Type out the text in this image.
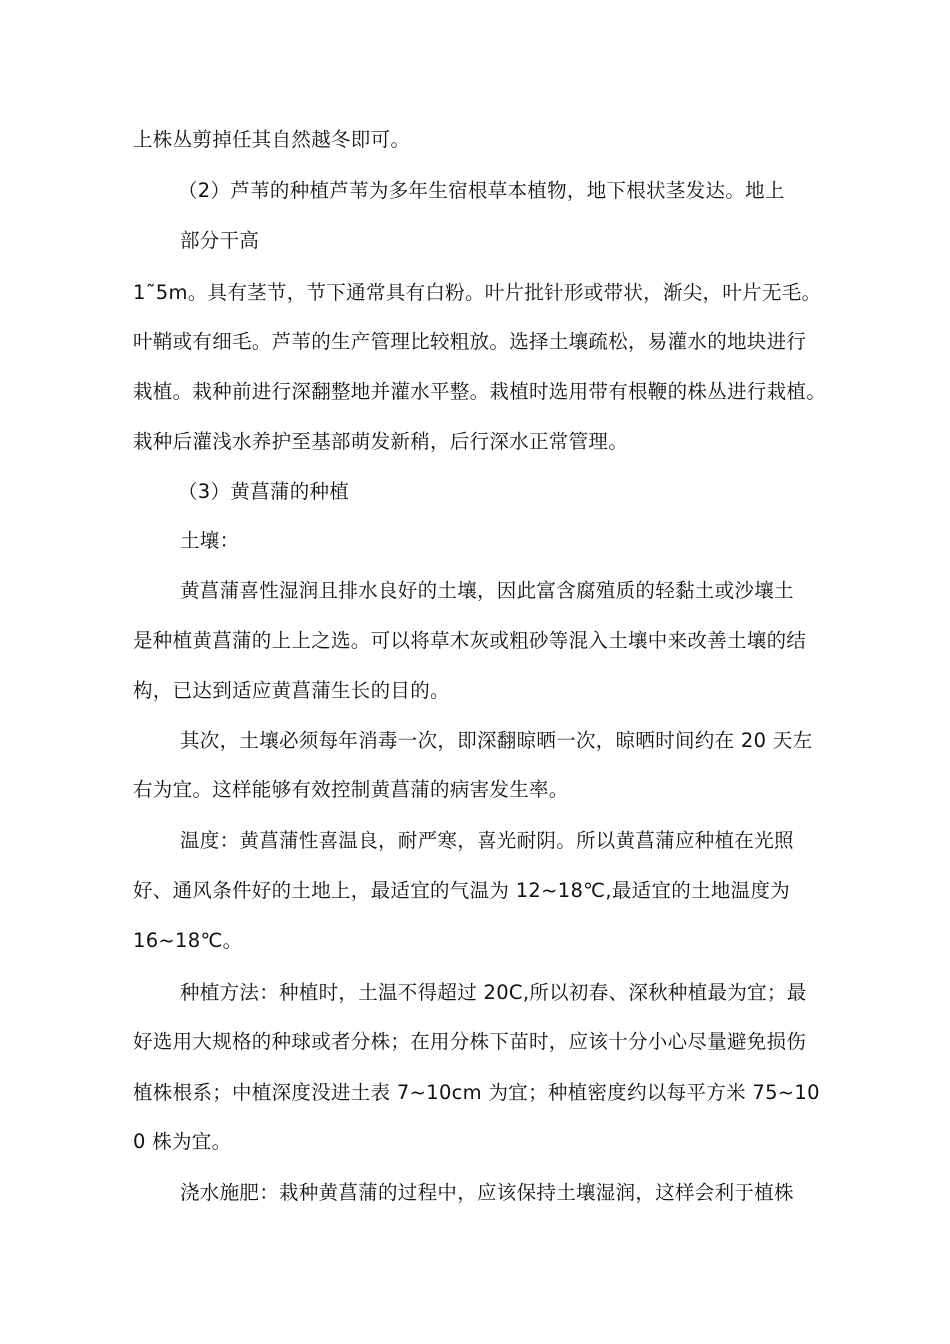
上株丛剪掉任其自然越冬即可。
（2）芦苇的种植芦苇为多年生宿根草本植物，地下根状茎发达。地上
部分干高
1˜5m。具有茎节，节下通常具有白粉。叶片批针形或带状，渐尖，叶片无毛。
叶鞘或有细毛。芦苇的生产管理比较粗放。选择土壤疏松，易灌水的地块进行
栽植。栽种前进行深翻整地并灌水平整。栽植时选用带有根鞭的株丛进行栽植。
栽种后灌浅水养护至基部萌发新稍，后行深水正常管理。
（3）黄菖蒲的种植
土壤：
黄菖蒲喜性湿润且排水良好的土壤，因此富含腐殖质的轻黏土或沙壤土
是种植黄菖蒲的上上之选。可以将草木灰或粗砂等混入土壤中来改善土壤的结
构，已达到适应黄菖蒲生长的目的。
其次，土壤必须每年消毒一次，即深翻晾晒一次，晾晒时间约在 20 天左
右为宜。这样能够有效控制黄菖蒲的病害发生率。
温度：黄菖蒲性喜温良，耐严寒，喜光耐阴。所以黄菖蒲应种植在光照
好、通风条件好的土地上，最适宜的气温为 12~18℃,最适宜的土地温度为
16~18℃。
种植方法：种植时，土温不得超过 20C,所以初春、深秋种植最为宜；最
好选用大规格的种球或者分株；在用分株下苗时，应该十分小心尽量避免损伤
植株根系；中植深度没进土表 7~10cm 为宜；种植密度约以每平方米 75~10
0 株为宜。
浇水施肥：栽种黄菖蒲的过程中，应该保持土壤湿润，这样会利于植株
